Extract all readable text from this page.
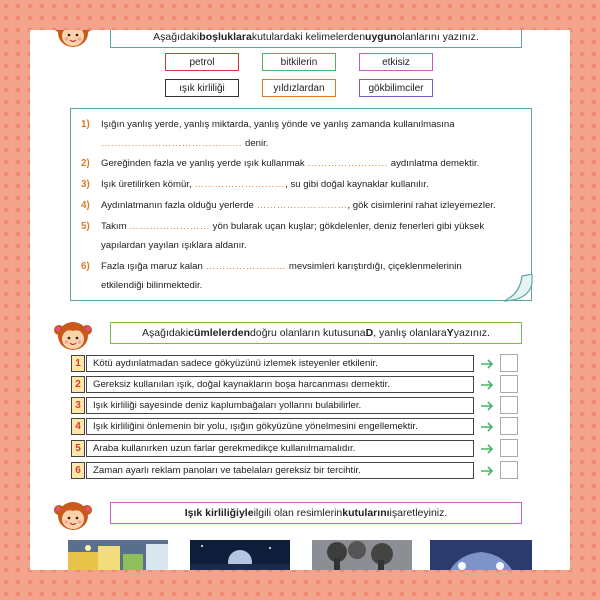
Aşağıdaki boşluklara kutulardaki kelimelerden uygun olanlarını yazınız.
petrol	bitkilerin	etkisiz
ışık kirliliği	yıldızlardan	gökbilimciler
1) Işığın yanlış yerde, yanlış miktarda, yanlış yönde ve yanlış zamanda kullanılmasına
…………………………………… denir.
2) Gereğinden fazla ve yanlış yerde ışık kullanmak …………………… aydınlatma demektir.
3) Işık üretilirken kömür, ………………………, su gibi doğal kaynaklar kullanılır.
4) Aydınlatmanın fazla olduğu yerlerde ………………………, gök cisimlerini rahat izleyemezler.
5) Takım …………………… yön bularak uçan kuşlar; gökdelenler, deniz fenerleri gibi yüksek
yapılardan yayılan ışıklara aldanır.
6) Fazla ışığa maruz kalan …………………… mevsimleri karıştırdığı, çiçeklenmelerinin
etkilendiği bilinmektedir.
Aşağıdaki cümlelerden doğru olanların kutusuna D , yanlış olanlara Y yazınız.
1	Kötü aydınlatmadan sadece gökyüzünü izlemek isteyenler etkilenir.
2	Gereksiz kullanılan ışık, doğal kaynakların boşa harcanması demektir.
3	Işık kirliliği sayesinde deniz kaplumbağaları yollarını bulabilirler.
4	Işık kirliliğini önlemenin bir yolu, ışığın gökyüzüne yönelmesini engellemektir.
5	Araba kullanırken uzun farlar gerekmedikçe kullanılmamalıdır.
6	Zaman ayarlı reklam panoları ve tabelaları gereksiz bir tercihtir.
Işık kirliliğiyle ilgili olan resimlerin kutularını işaretleyiniz.
